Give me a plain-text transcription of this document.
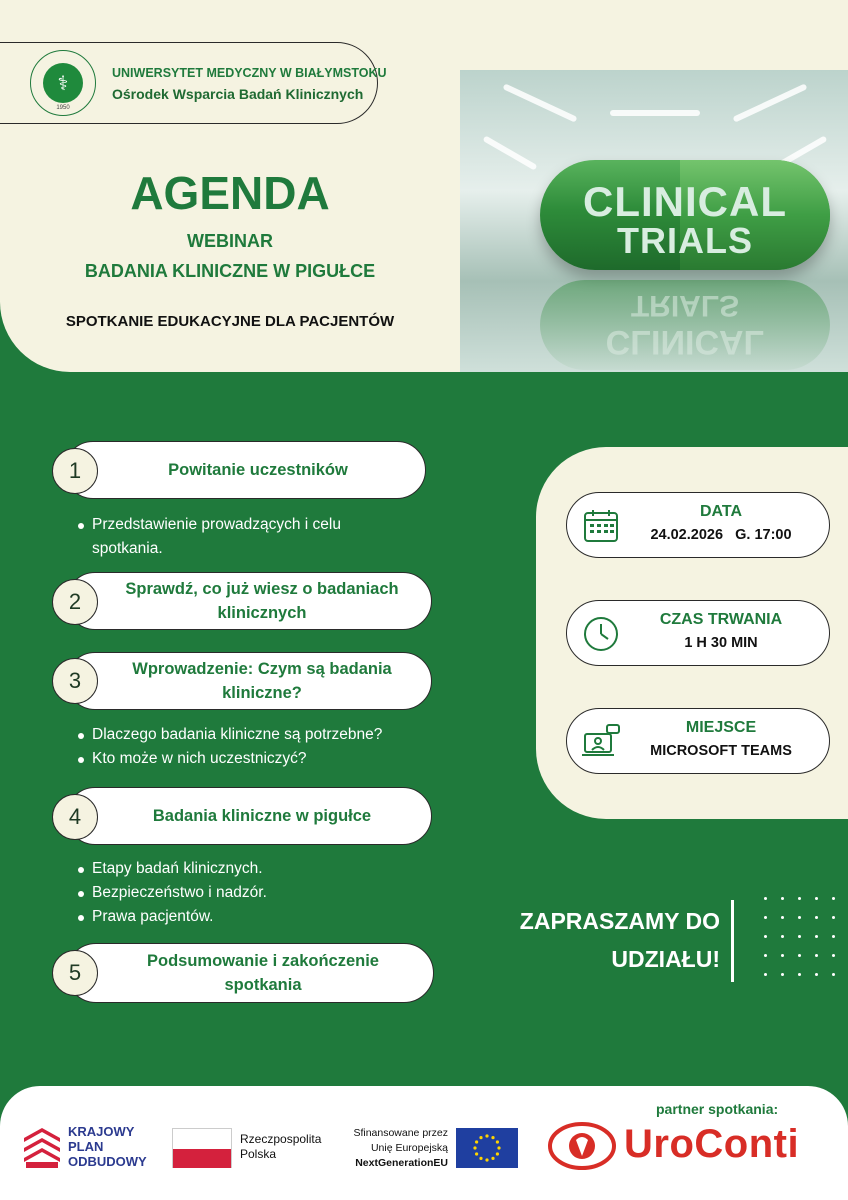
⚕
1950
UNIWERSYTET MEDYCZNY W BIAŁYMSTOKU
Ośrodek Wsparcia Badań Klinicznych
AGENDA
WEBINAR
BADANIA KLINICZNE W PIGUŁCE
SPOTKANIE EDUKACYJNE DLA PACJENTÓW
CLINICAL
TRIALS
TRIALS
CLINICAL
Powitanie uczestników
1
Przedstawienie prowadzących i celu spotkania.
Sprawdź, co już wiesz o badaniach klinicznych
2
Wprowadzenie: Czym są badania kliniczne?
3
Dlaczego badania kliniczne są potrzebne?
Kto może w nich uczestniczyć?
Badania kliniczne w pigułce
4
Etapy badań klinicznych.
Bezpieczeństwo i nadzór.
Prawa pacjentów.
Podsumowanie i zakończenie spotkania
5
DATA
24.02.2026   G. 17:00
CZAS TRWANIA
1 H 30 MIN
MIEJSCE
MICROSOFT TEAMS
ZAPRASZAMY DO
UDZIAŁU!
partner spotkania:
KRAJOWY
PLAN
ODBUDOWY
Rzeczpospolita
Polska
Sfinansowane przez
Unię Europejską
NextGenerationEU	UroConti
